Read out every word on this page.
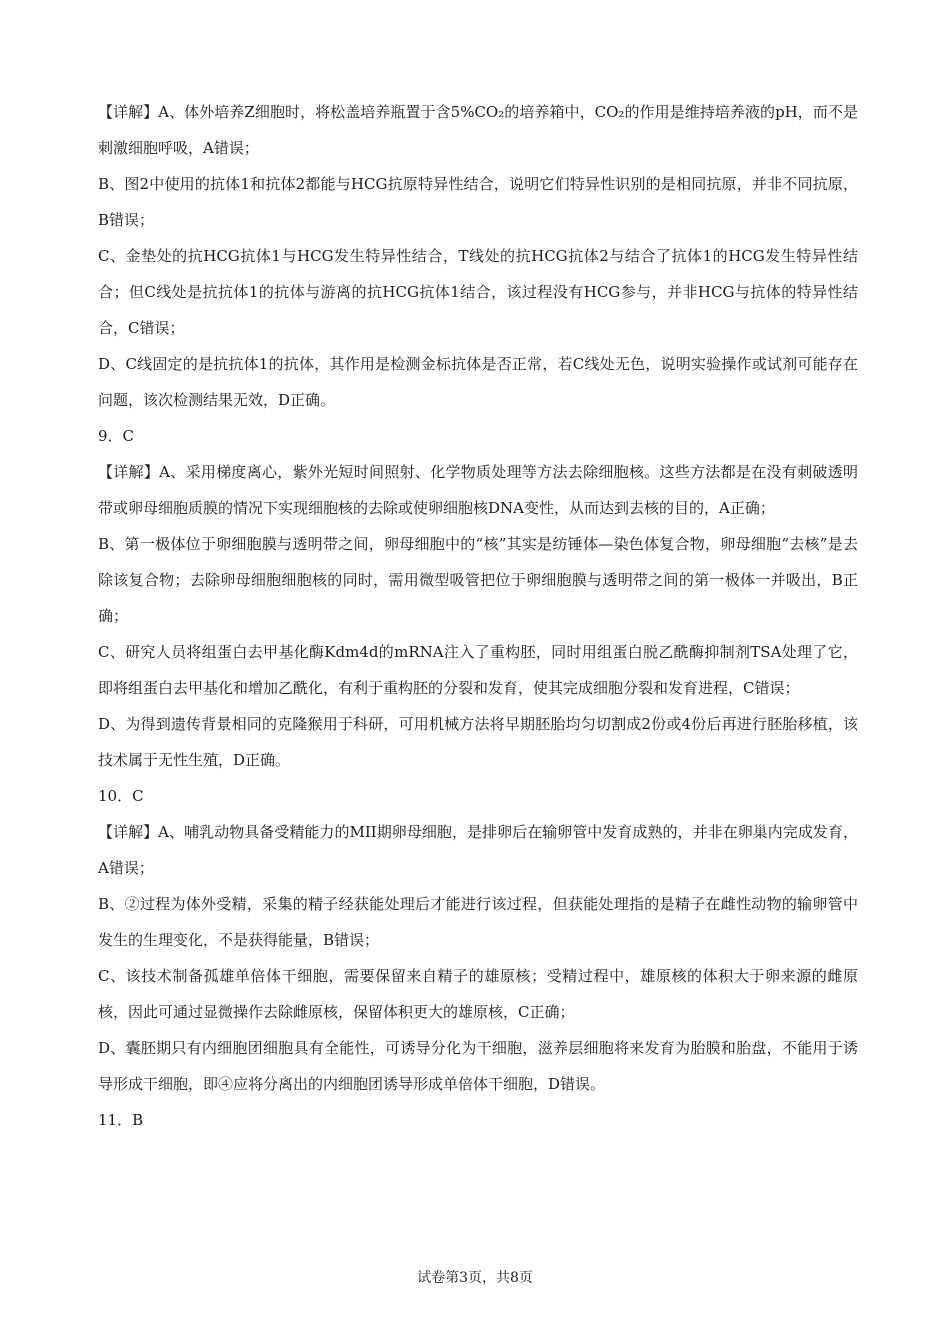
【详解】A、体外培养Z细胞时，将松盖培养瓶置于含5%CO₂的培养箱中，CO₂的作用是维持培养液的pH，而不是刺激细胞呼吸，A错误；

B、图2中使用的抗体1和抗体2都能与HCG抗原特异性结合，说明它们特异性识别的是相同抗原，并非不同抗原，B错误；

C、金垫处的抗HCG抗体1与HCG发生特异性结合，T线处的抗HCG抗体2与结合了抗体1的HCG发生特异性结合；但C线处是抗抗体1的抗体与游离的抗HCG抗体1结合，该过程没有HCG参与，并非HCG与抗体的特异性结合，C错误；

D、C线固定的是抗抗体1的抗体，其作用是检测金标抗体是否正常，若C线处无色，说明实验操作或试剂可能存在问题，该次检测结果无效，D正确。

9．C

【详解】A、采用梯度离心，紫外光短时间照射、化学物质处理等方法去除细胞核。这些方法都是在没有刺破透明带或卵母细胞质膜的情况下实现细胞核的去除或使卵细胞核DNA变性，从而达到去核的目的，A正确；

B、第一极体位于卵细胞膜与透明带之间，卵母细胞中的“核”其实是纺锤体—染色体复合物，卵母细胞“去核”是去除该复合物；去除卵母细胞细胞核的同时，需用微型吸管把位于卵细胞膜与透明带之间的第一极体一并吸出，B正确；

C、研究人员将组蛋白去甲基化酶Kdm4d的mRNA注入了重构胚，同时用组蛋白脱乙酰酶抑制剂TSA处理了它，即将组蛋白去甲基化和增加乙酰化，有利于重构胚的分裂和发育，使其完成细胞分裂和发育进程，C错误；

D、为得到遗传背景相同的克隆猴用于科研，可用机械方法将早期胚胎均匀切割成2份或4份后再进行胚胎移植，该技术属于无性生殖，D正确。

10．C

【详解】A、哺乳动物具备受精能力的MII期卵母细胞，是排卵后在输卵管中发育成熟的，并非在卵巢内完成发育，A错误；

B、②过程为体外受精，采集的精子经获能处理后才能进行该过程，但获能处理指的是精子在雌性动物的输卵管中发生的生理变化，不是获得能量，B错误；

C、该技术制备孤雄单倍体干细胞，需要保留来自精子的雄原核；受精过程中，雄原核的体积大于卵来源的雌原核，因此可通过显微操作去除雌原核，保留体积更大的雄原核，C正确；

D、囊胚期只有内细胞团细胞具有全能性，可诱导分化为干细胞，滋养层细胞将来发育为胎膜和胎盘，不能用于诱导形成干细胞，即④应将分离出的内细胞团诱导形成单倍体干细胞，D错误。

11．B

试卷第3页，共8页
